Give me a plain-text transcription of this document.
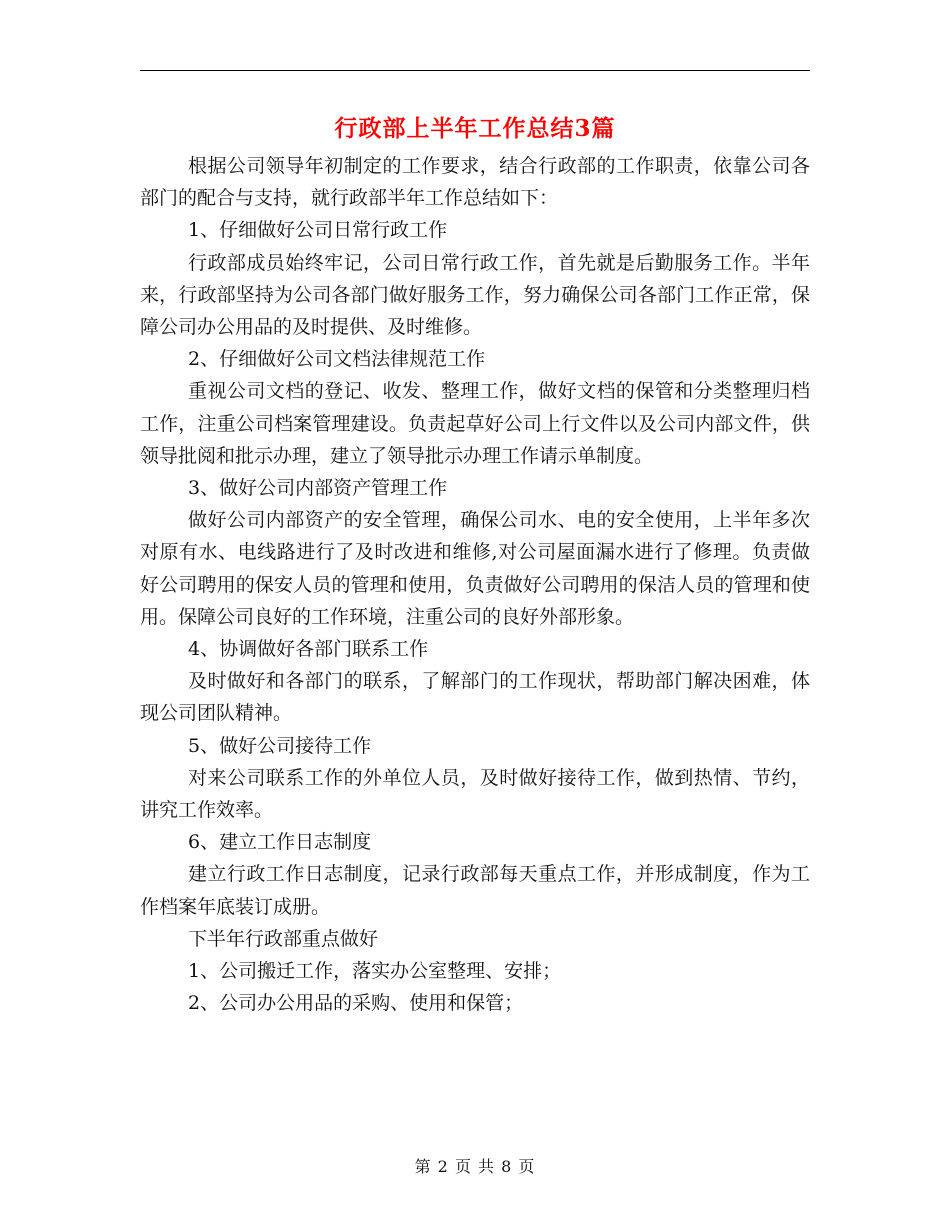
行政部上半年工作总结3篇

根据公司领导年初制定的工作要求，结合行政部的工作职责，依靠公司各部门的配合与支持，就行政部半年工作总结如下：

1、仔细做好公司日常行政工作

行政部成员始终牢记，公司日常行政工作，首先就是后勤服务工作。半年来，行政部坚持为公司各部门做好服务工作，努力确保公司各部门工作正常，保障公司办公用品的及时提供、及时维修。

2、仔细做好公司文档法律规范工作

重视公司文档的登记、收发、整理工作，做好文档的保管和分类整理归档工作，注重公司档案管理建设。负责起草好公司上行文件以及公司内部文件，供领导批阅和批示办理，建立了领导批示办理工作请示单制度。

3、做好公司内部资产管理工作

做好公司内部资产的安全管理，确保公司水、电的安全使用，上半年多次对原有水、电线路进行了及时改进和维修,对公司屋面漏水进行了修理。负责做好公司聘用的保安人员的管理和使用，负责做好公司聘用的保洁人员的管理和使用。保障公司良好的工作环境，注重公司的良好外部形象。

4、协调做好各部门联系工作

及时做好和各部门的联系，了解部门的工作现状，帮助部门解决困难，体现公司团队精神。

5、做好公司接待工作

对来公司联系工作的外单位人员，及时做好接待工作，做到热情、节约，讲究工作效率。

6、建立工作日志制度

建立行政工作日志制度，记录行政部每天重点工作，并形成制度，作为工作档案年底装订成册。

下半年行政部重点做好

1、公司搬迁工作，落实办公室整理、安排；

2、公司办公用品的采购、使用和保管；

第 2 页 共 8 页
